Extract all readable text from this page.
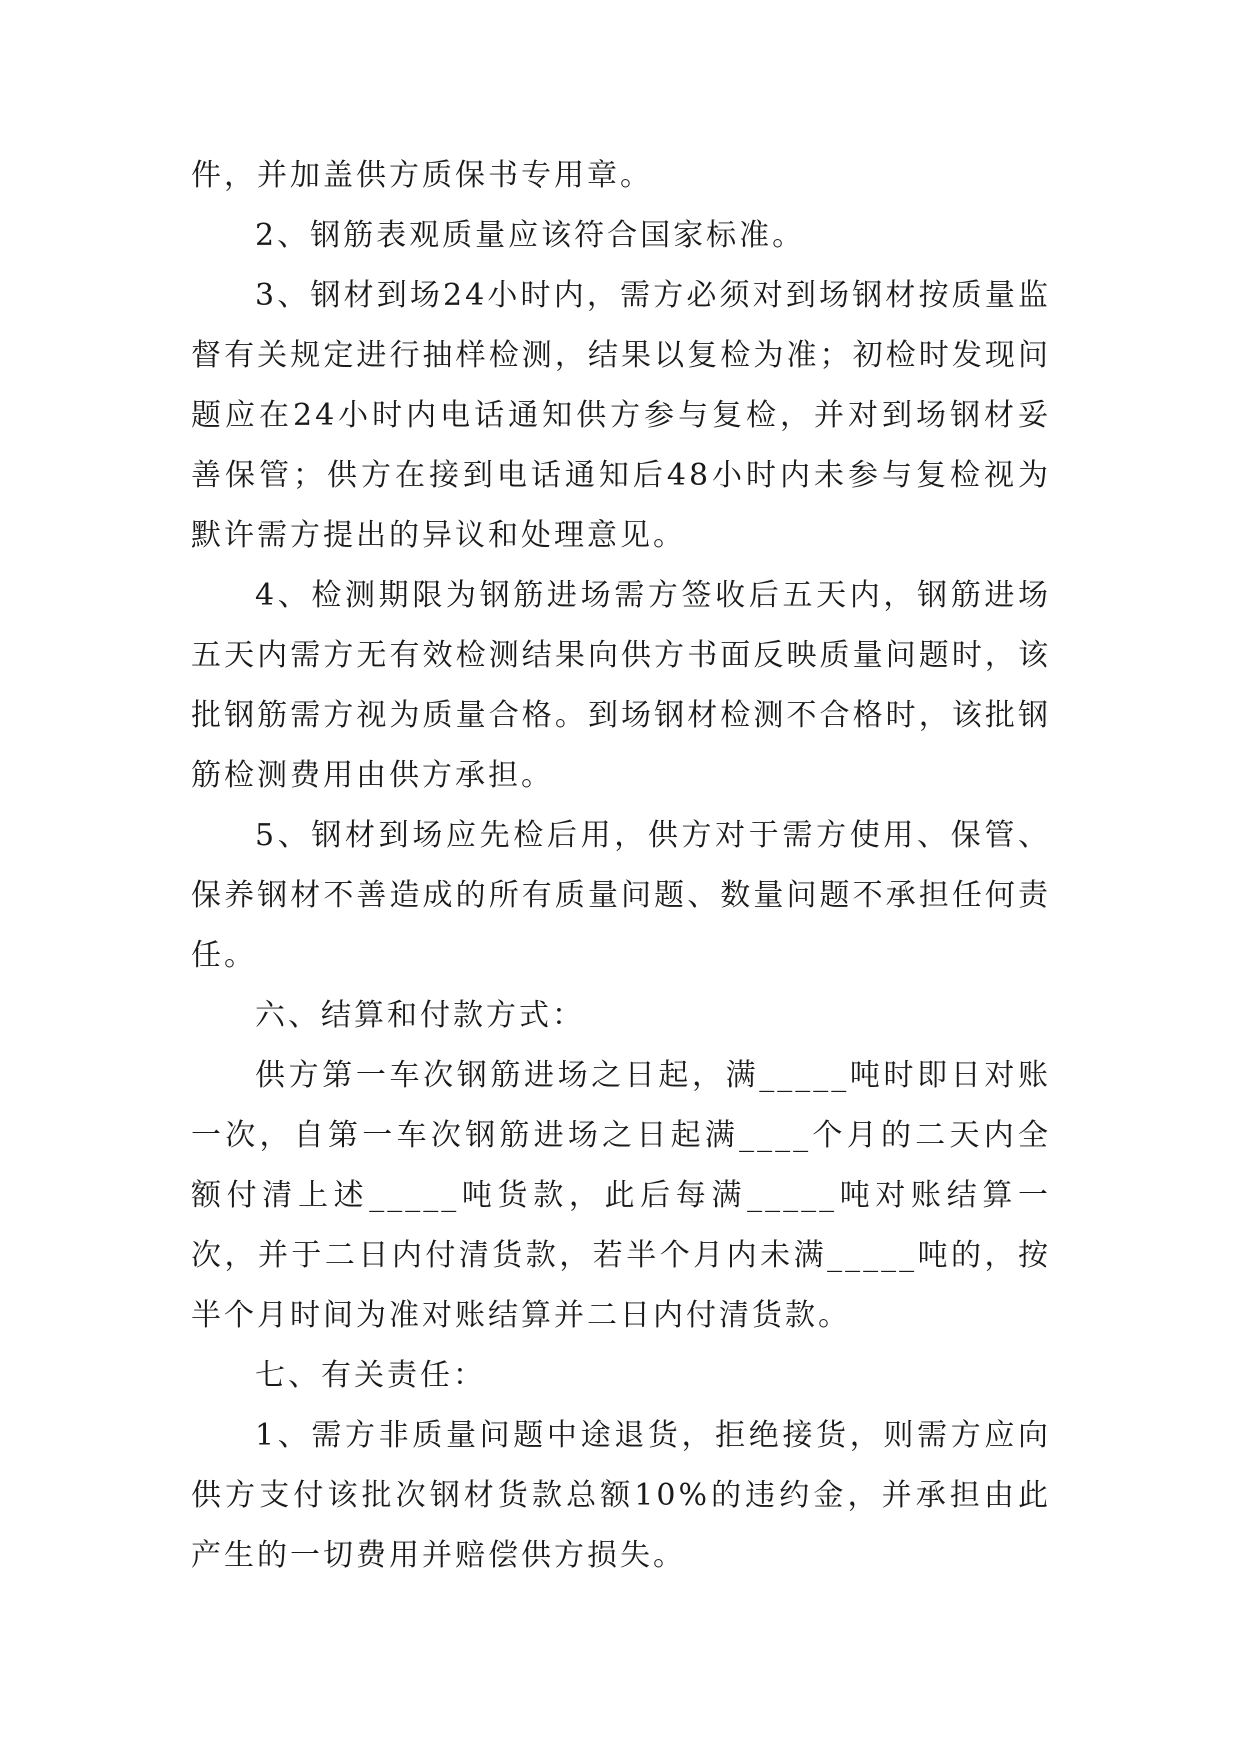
件，并加盖供方质保书专用章。

2、钢筋表观质量应该符合国家标准。

3、钢材到场24小时内，需方必须对到场钢材按质量监督有关规定进行抽样检测，结果以复检为准；初检时发现问题应在24小时内电话通知供方参与复检，并对到场钢材妥善保管；供方在接到电话通知后48小时内未参与复检视为默许需方提出的异议和处理意见。

4、检测期限为钢筋进场需方签收后五天内，钢筋进场五天内需方无有效检测结果向供方书面反映质量问题时，该批钢筋需方视为质量合格。到场钢材检测不合格时，该批钢筋检测费用由供方承担。

5、钢材到场应先检后用，供方对于需方使用、保管、保养钢材不善造成的所有质量问题、数量问题不承担任何责任。

六、结算和付款方式：

供方第一车次钢筋进场之日起，满_____吨时即日对账一次，自第一车次钢筋进场之日起满____个月的二天内全额付清上述_____吨货款，此后每满_____吨对账结算一次，并于二日内付清货款，若半个月内未满_____吨的，按半个月时间为准对账结算并二日内付清货款。

七、有关责任：

1、需方非质量问题中途退货，拒绝接货，则需方应向供方支付该批次钢材货款总额10%的违约金，并承担由此产生的一切费用并赔偿供方损失。
